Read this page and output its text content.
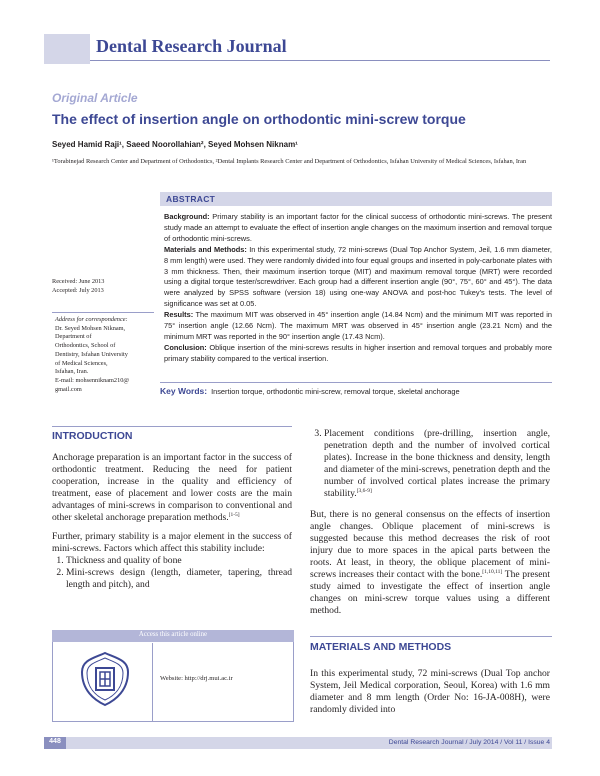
Dental Research Journal
Original Article
The effect of insertion angle on orthodontic mini-screw torque
Seyed Hamid Raji¹, Saeed Noorollahian², Seyed Mohsen Niknam¹
¹Torabinejad Research Center and Department of Orthodontics, ²Dental Implants Research Center and Department of Orthodontics, Isfahan University of Medical Sciences, Isfahan, Iran
ABSTRACT

Background: Primary stability is an important factor for the clinical success of orthodontic mini-screws. The present study made an attempt to evaluate the effect of insertion angle changes on the maximum insertion and removal torque of orthodontic mini-screws.

Materials and Methods: In this experimental study, 72 mini-screws (Dual Top Anchor System, Jeil, 1.6 mm diameter, 8 mm length) were used. They were randomly divided into four equal groups and inserted in poly-carbonate plates with 3 mm thickness. Then, their maximum insertion torque (MIT) and maximum removal torque (MRT) were recorded using a digital torque tester/screwdriver. Each group had a different insertion angle (90°, 75°, 60° and 45°). The data were analyzed by SPSS software (version 18) using one-way ANOVA and post-hoc Tukey's tests. The level of significance was set at 0.05.

Results: The maximum MIT was observed in 45° insertion angle (14.84 Ncm) and the minimum MIT was reported in 75° insertion angle (12.66 Ncm). The maximum MRT was observed in 45° insertion angle (23.21 Ncm) and the minimum MRT was reported in the 90° insertion angle (17.43 Ncm).

Conclusion: Oblique insertion of the mini-screws results in higher insertion and removal torques and probably more primary stability compared to the vertical insertion.

Key Words: Insertion torque, orthodontic mini-screw, removal torque, skeletal anchorage
Received: June 2013
Accepted: July 2013
Address for correspondence:
Dr. Seyed Mohsen Niknam,
Department of
Orthodontics, School of
Dentistry, Isfahan University
of Medical Sciences,
Isfahan, Iran.
E-mail: mohsenniknam210@
gmail.com
INTRODUCTION

Anchorage preparation is an important factor in the success of orthodontic treatment. Reducing the need for patient cooperation, increase in the quality and efficiency of treatment, ease of placement and lower costs are the main advantages of mini-screws in comparison to conventional and other skeletal anchorage preparation methods.[1-5]

Further, primary stability is a major element in the success of mini-screws. Factors which affect this stability include:

1. Thickness and quality of bone
2. Mini-screws design (length, diameter, tapering, thread length and pitch), and
Access this article online
Website: http://drj.mui.ac.ir
3. Placement conditions (pre-drilling, insertion angle, penetration depth and the number of involved cortical plates). Increase in the bone thickness and density, length and diameter of the mini-screws, penetration depth and the number of involved cortical plates increase the primary stability.[3,6-9]

But, there is no general consensus on the effects of insertion angle changes. Oblique placement of mini-screws is suggested because this method decreases the risk of root injury due to more spaces in the apical parts between the roots. At least, in theory, the oblique placement of mini-screws increases their contact with the bone.[1,10,11] The present study aimed to investigate the effect of insertion angle changes on mini-screw torque values using a different method.

MATERIALS AND METHODS

In this experimental study, 72 mini-screws (Dual Top anchor System, Jeil Medical corporation, Seoul, Korea) with 1.6 mm diameter and 8 mm length (Order No: 16-JA-008H), were randomly divided into

448	Dental Research Journal / July 2014 / Vol 11 / Issue 4
